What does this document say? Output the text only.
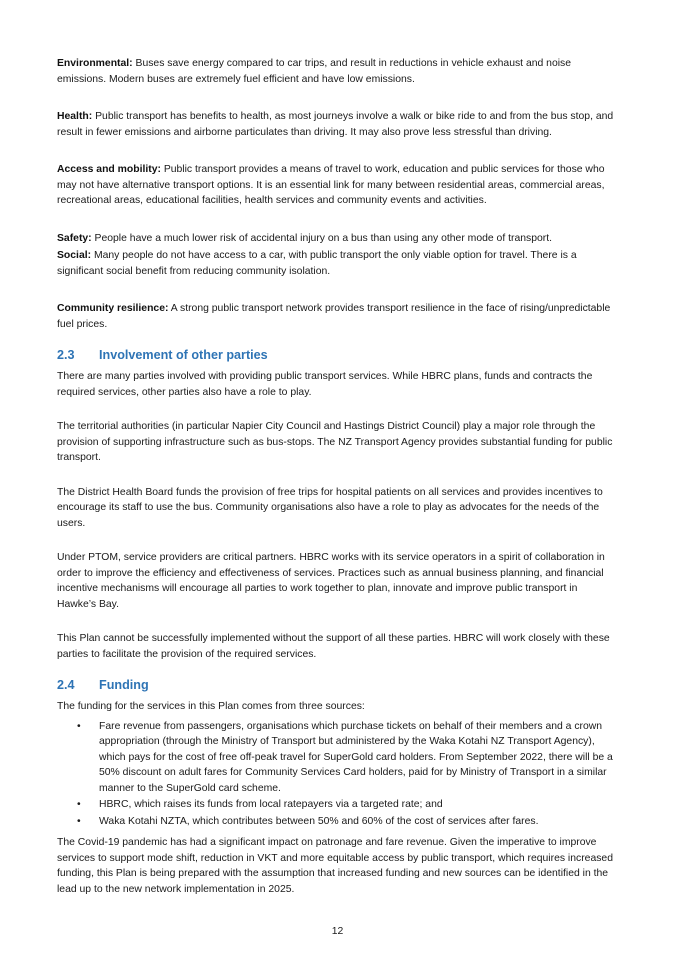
Environmental: Buses save energy compared to car trips, and result in reductions in vehicle exhaust and noise emissions. Modern buses are extremely fuel efficient and have low emissions.

Health: Public transport has benefits to health, as most journeys involve a walk or bike ride to and from the bus stop, and result in fewer emissions and airborne particulates than driving. It may also prove less stressful than driving.

Access and mobility: Public transport provides a means of travel to work, education and public services for those who may not have alternative transport options. It is an essential link for many between residential areas, commercial areas, recreational areas, educational facilities, health services and community events and activities.

Safety: People have a much lower risk of accidental injury on a bus than using any other mode of transport.

Social: Many people do not have access to a car, with public transport the only viable option for travel. There is a significant social benefit from reducing community isolation.

Community resilience: A strong public transport network provides transport resilience in the face of rising/unpredictable fuel prices.

2.3	Involvement of other parties

There are many parties involved with providing public transport services. While HBRC plans, funds and contracts the required services, other parties also have a role to play.

The territorial authorities (in particular Napier City Council and Hastings District Council) play a major role through the provision of supporting infrastructure such as bus-stops. The NZ Transport Agency provides substantial funding for public transport.

The District Health Board funds the provision of free trips for hospital patients on all services and provides incentives to encourage its staff to use the bus. Community organisations also have a role to play as advocates for the needs of the users.

Under PTOM, service providers are critical partners. HBRC works with its service operators in a spirit of collaboration in order to improve the efficiency and effectiveness of services. Practices such as annual business planning, and financial incentive mechanisms will encourage all parties to work together to plan, innovate and improve public transport in Hawke’s Bay.

This Plan cannot be successfully implemented without the support of all these parties. HBRC will work closely with these parties to facilitate the provision of the required services.

2.4	Funding

The funding for the services in this Plan comes from three sources:

• Fare revenue from passengers, organisations which purchase tickets on behalf of their members and a crown appropriation (through the Ministry of Transport but administered by the Waka Kotahi NZ Transport Agency), which pays for the cost of free off-peak travel for SuperGold card holders. From September 2022, there will be a 50% discount on adult fares for Community Services Card holders, paid for by Ministry of Transport in a similar manner to the SuperGold card scheme.
• HBRC, which raises its funds from local ratepayers via a targeted rate; and
• Waka Kotahi NZTA, which contributes between 50% and 60% of the cost of services after fares.

The Covid-19 pandemic has had a significant impact on patronage and fare revenue. Given the imperative to improve services to support mode shift, reduction in VKT and more equitable access by public transport, which requires increased funding, this Plan is being prepared with the assumption that increased funding and new sources can be identified in the lead up to the new network implementation in 2025.

12
